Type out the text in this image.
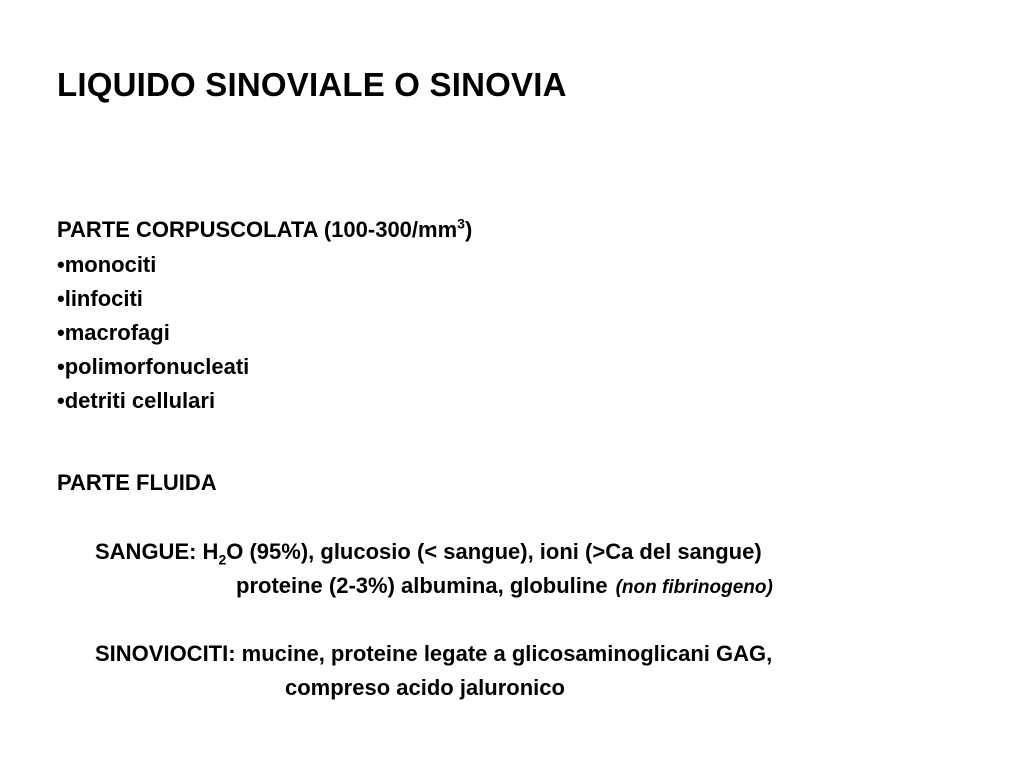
LIQUIDO SINOVIALE O SINOVIA
PARTE CORPUSCOLATA $(100-300/mm^3)$
•monociti
•linfociti
•macrofagi
•polimorfonucleati
•detriti cellulari
PARTE FLUIDA
SANGUE: $H_2O$ (95%), glucosio (< sangue), ioni (>Ca del sangue)
proteine (2-3%) albumina, globuline (non fibrinogeno)
SINOVIOCITI: mucine, proteine legate a glicosaminoglicani GAG,
compreso acido jaluronico
